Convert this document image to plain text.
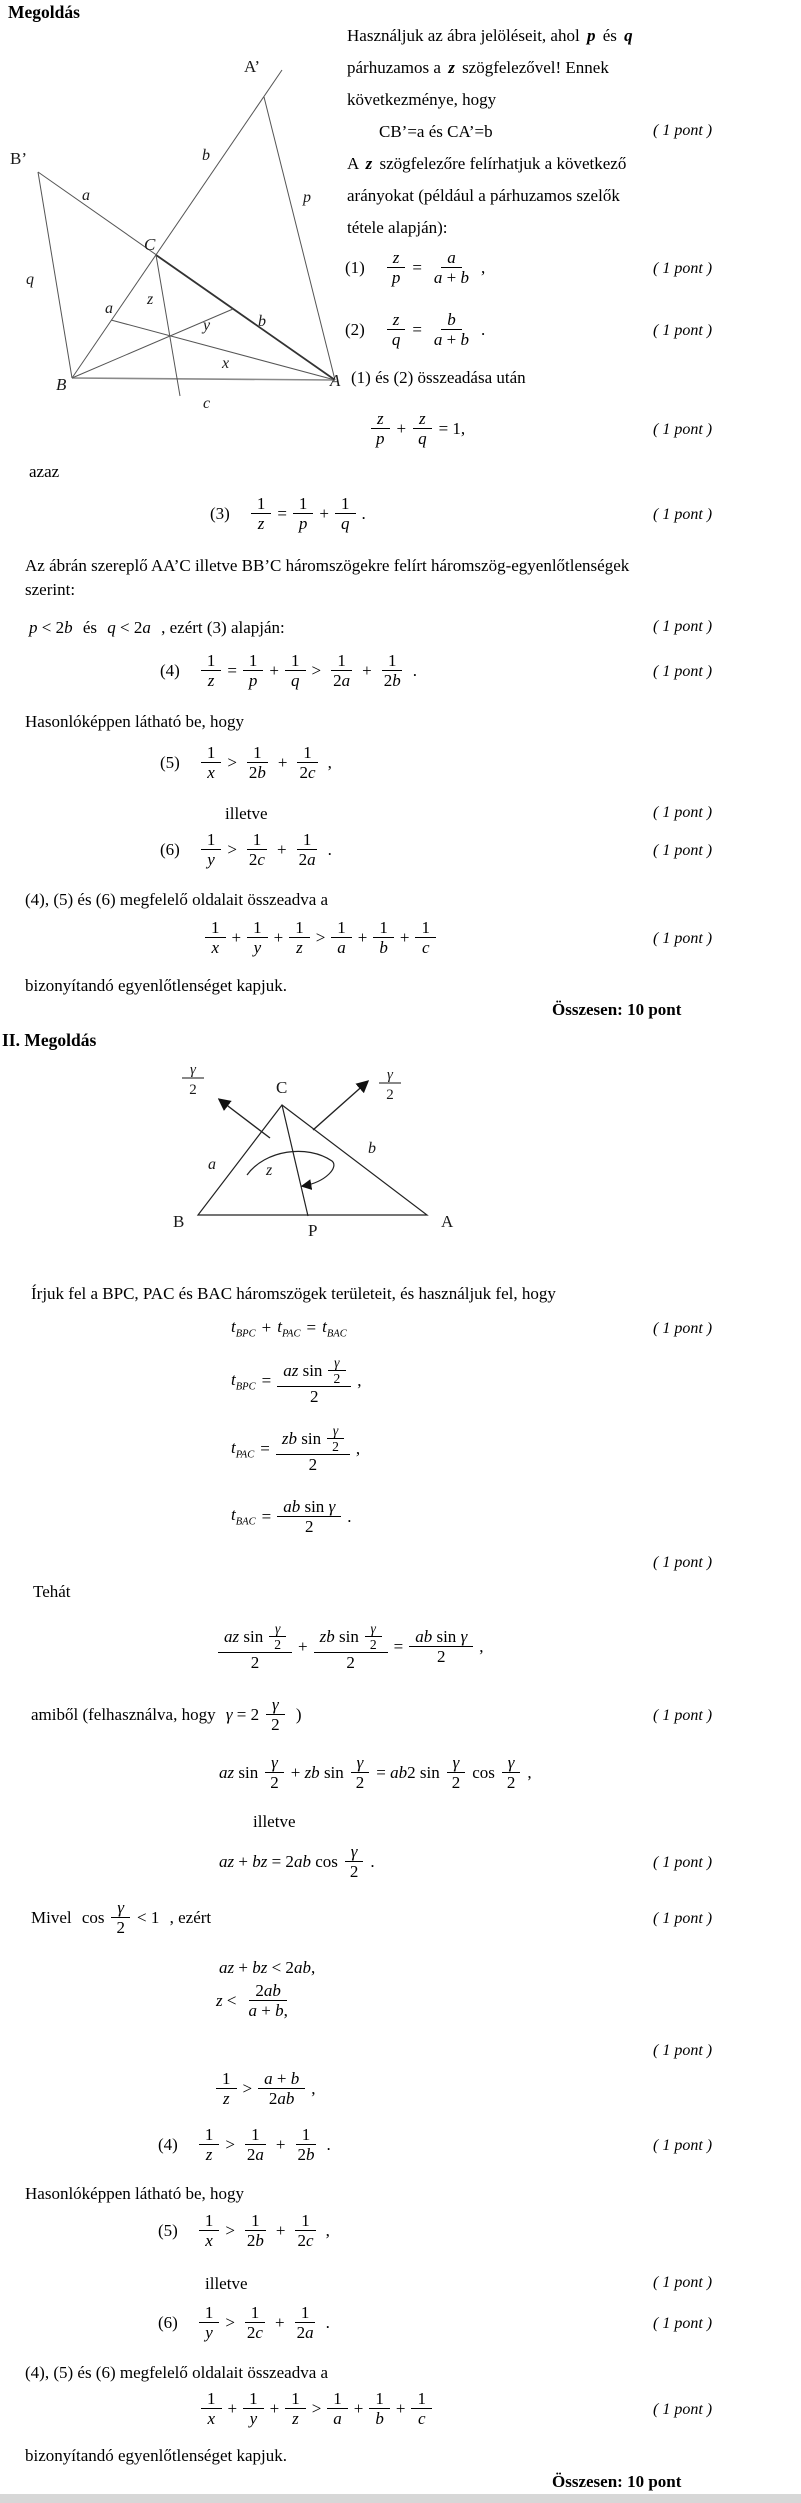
Megoldás
B’
A’
C
B	A
a
b
p
q
z
a
y	b
x
c
Használjuk az ábra jelöléseit, ahol p és q
párhuzamos a z szögfelezővel! Ennek
következménye, hogy
CB’=a és CA’=b	( 1 pont )
A z szögfelezőre felírhatjuk a következő
arányokat (például a párhuzamos szelők
tétele alapján):
$(1) \frac{z}{p} = \frac{a}{a + b}$ ,	( 1 pont )
$(2) \frac{z}{q} = \frac{b}{a + b}$ .	( 1 pont )
(1) és (2) összeadása után
$\frac{z}{p} + \frac{z}{q} = 1$,	( 1 pont )
azaz
$(3) \frac{1}{z} = \frac{1}{p} + \frac{1}{q}$ .	( 1 pont )
Az ábrán szereplő AA’C illetve BB’C háromszögekre felírt háromszög-egyenlőtlenségek
szerint:
p < 2b és q < 2a , ezért (3) alapján:	( 1 pont )
$(4) \frac{1}{z} = \frac{1}{p} + \frac{1}{q} > \frac{1}{2a} + \frac{1}{2b}$ .	( 1 pont )
Hasonlóképpen látható be, hogy
$(5) \frac{1}{x} > \frac{1}{2b} + \frac{1}{2c}$ ,
illetve	( 1 pont )
$(6) \frac{1}{y} > \frac{1}{2c} + \frac{1}{2a}$ .	( 1 pont )
(4), (5) és (6) megfelelő oldalait összeadva a
$\frac{1}{x} + \frac{1}{y} + \frac{1}{z} > \frac{1}{a} + \frac{1}{b} + \frac{1}{c}$	( 1 pont )
bizonyítandó egyenlőtlenséget kapjuk.
Összesen: 10 pont
II. Megoldás
C
B	A
P
a
b
z
γ
2
γ
2
Írjuk fel a BPC, PAC és BAC háromszögek területeit, és használjuk fel, hogy
$t_{BPC} + t_{PAC} = t_{BAC}$	( 1 pont )
$t_{BPC} = \frac{az \sin \frac{\gamma}{2}}{2}$ ,
$t_{PAC} = \frac{zb \sin \frac{\gamma}{2}}{2}$ ,
$t_{BAC} = \frac{\text{ab sin γ}}{2}$ .
( 1 pont )
Tehát
$\frac{az \sin \frac{\gamma}{2}}{2} + \frac{zb \sin \frac{\gamma}{2}}{2} = \frac{\text{ab sin γ}}{2}$ ,
amiből (felhasználva, hogy $\gamma = 2 \frac{\gamma}{2}$ )	( 1 pont )
az $\sin \frac{\gamma}{2}$ + zb $\sin \frac{\gamma}{2} = ab2$ $\sin \frac{\gamma}{2}$ $\cos \frac{\gamma}{2}$ ,
illetve
az + bz = 2ab $\cos \frac{\gamma}{2}$ .	( 1 pont )
Mivel $\cos \frac{\gamma}{2} < 1$ , ezért	( 1 pont )
az + bz < 2ab,
$z < \frac{2ab}{a + b,}$
( 1 pont )
$\frac{1}{z} > \frac{a + b}{2ab}$ ,
$(4) \frac{1}{z} > \frac{1}{2a} + \frac{1}{2b}$ .	( 1 pont )
Hasonlóképpen látható be, hogy
$(5) \frac{1}{x} > \frac{1}{2b} + \frac{1}{2c}$ ,
illetve	( 1 pont )
$(6) \frac{1}{y} > \frac{1}{2c} + \frac{1}{2a}$ .	( 1 pont )
(4), (5) és (6) megfelelő oldalait összeadva a
$\frac{1}{x} + \frac{1}{y} + \frac{1}{z} > \frac{1}{a} + \frac{1}{b} + \frac{1}{c}$	( 1 pont )
bizonyítandó egyenlőtlenséget kapjuk.
Összesen: 10 pont
